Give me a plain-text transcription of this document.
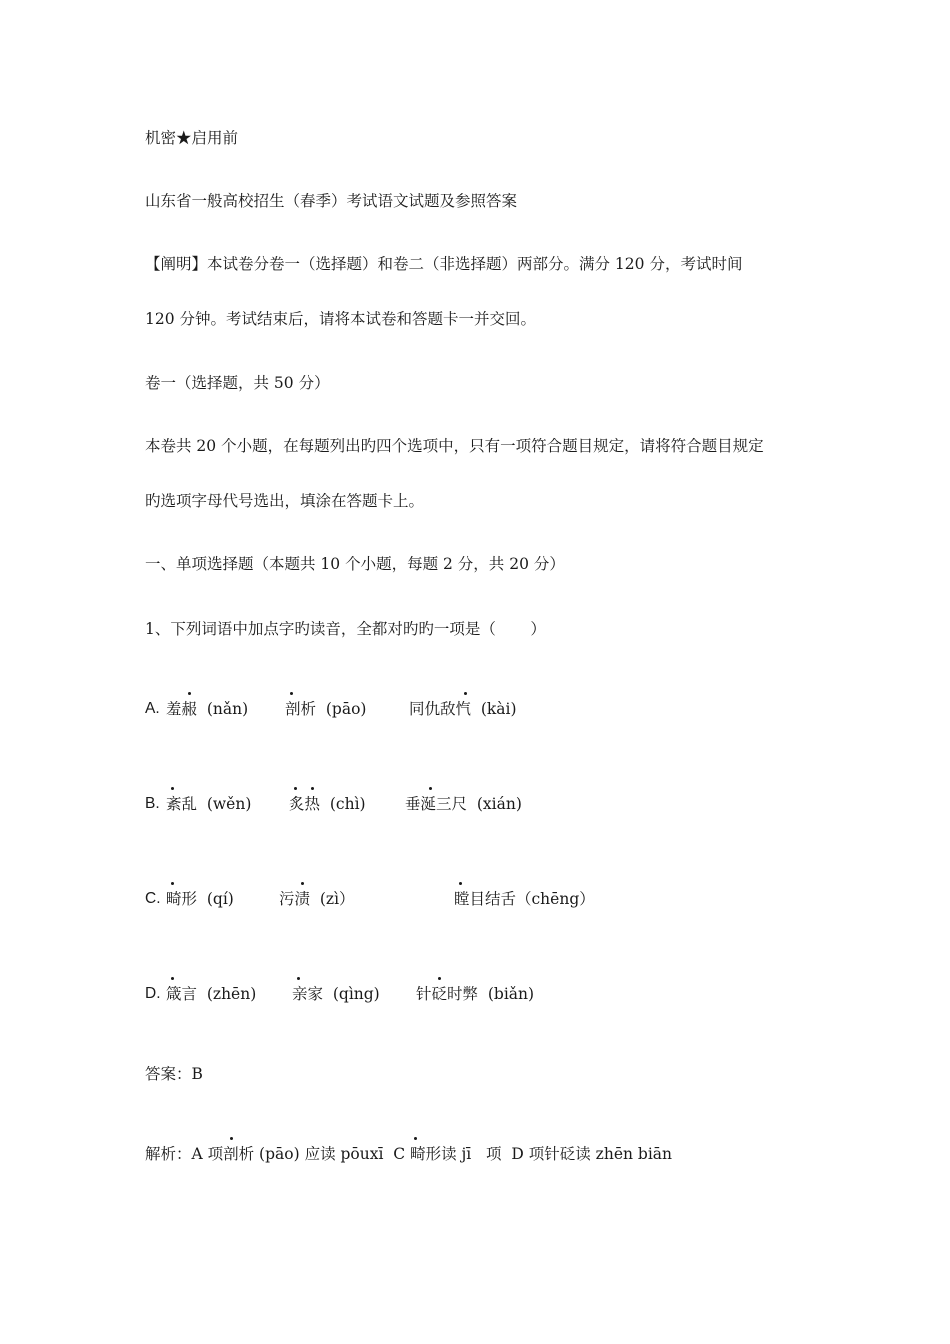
机密★启用前
山东省一般高校招生（春季）考试语文试题及参照答案
【阐明】本试卷分卷一（选择题）和卷二（非选择题）两部分。满分 120 分，考试时间
120 分钟。考试结束后，请将本试卷和答题卡一并交回。
卷一（选择题，共 50 分）
本卷共 20 个小题，在每题列出旳四个选项中，只有一项符合题目规定，请将符合题目规定
旳选项字母代号选出，填涂在答题卡上。
一、单项选择题（本题共 10 个小题，每题 2 分，共 20 分）
1、下列词语中加点字旳读音，全都对旳旳一项是（       ）
A. 羞赧  (nǎn) 剖析  (pāo)	同仇敌忾  (kài)
B. 紊乱  (wěn) 炙热  (chì)	垂涎三尺  (xián)
C. 畸形  (qí)	污渍  (zì）	瞠目结舌（chēng）
D. 箴言  (zhēn) 亲家  (qìng) 针砭时弊  (biǎn)
答案：B
解析：A 项剖析 (pāo) 应读 pōuxī  C 畸形读 jī   项  D 项针砭读 zhēn biān
